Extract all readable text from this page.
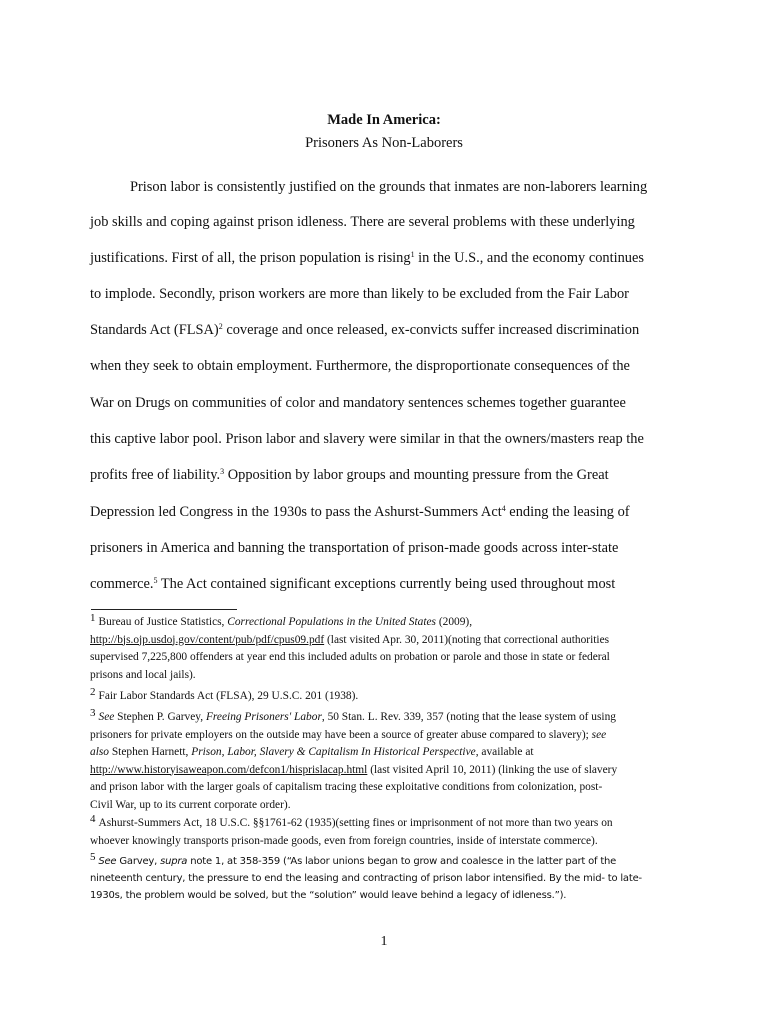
Made In America:

Prisoners As Non-Laborers

Prison labor is consistently justified on the grounds that inmates are non-laborers learning

job skills and coping against prison idleness. There are several problems with these underlying

justifications. First of all, the prison population is rising$^1$ in the U.S., and the economy continues

to implode. Secondly, prison workers are more than likely to be excluded from the Fair Labor

Standards Act (FLSA)$^2$ coverage and once released, ex-convicts suffer increased discrimination

when they seek to obtain employment. Furthermore, the disproportionate consequences of the

War on Drugs on communities of color and mandatory sentences schemes together guarantee

this captive labor pool. Prison labor and slavery were similar in that the owners/masters reap the

profits free of liability.$^3$ Opposition by labor groups and mounting pressure from the Great

Depression led Congress in the 1930s to pass the Ashurst-Summers Act$^4$ ending the leasing of

prisoners in America and banning the transportation of prison-made goods across inter-state

commerce.$^5$ The Act contained significant exceptions currently being used throughout most

1 Bureau of Justice Statistics, Correctional Populations in the United States (2009),
http://bjs.ojp.usdoj.gov/content/pub/pdf/cpus09.pdf (last visited Apr. 30, 2011)(noting that correctional authorities
supervised 7,225,800 offenders at year end this included adults on probation or parole and those in state or federal
prisons and local jails).

2 Fair Labor Standards Act (FLSA), 29 U.S.C. 201 (1938).

3 See Stephen P. Garvey, Freeing Prisoners' Labor, 50 Stan. L. Rev. 339, 357 (noting that the lease system of using
prisoners for private employers on the outside may have been a source of greater abuse compared to slavery); see
also Stephen Harnett, Prison, Labor, Slavery & Capitalism In Historical Perspective, available at
http://www.historyisaweapon.com/defcon1/hisprislacap.html (last visited April 10, 2011) (linking the use of slavery
and prison labor with the larger goals of capitalism tracing these exploitative conditions from colonization, post-
Civil War, up to its current corporate order).

4 Ashurst-Summers Act, 18 U.S.C. §§1761-62 (1935)(setting fines or imprisonment of not more than two years on
whoever knowingly transports prison-made goods, even from foreign countries, inside of interstate commerce).

5 See Garvey, supra note 1, at 358-359 (“As labor unions began to grow and coalesce in the latter part of the
nineteenth century, the pressure to end the leasing and contracting of prison labor intensified. By the mid- to late-
1930s, the problem would be solved, but the “solution” would leave behind a legacy of idleness.”).

1
